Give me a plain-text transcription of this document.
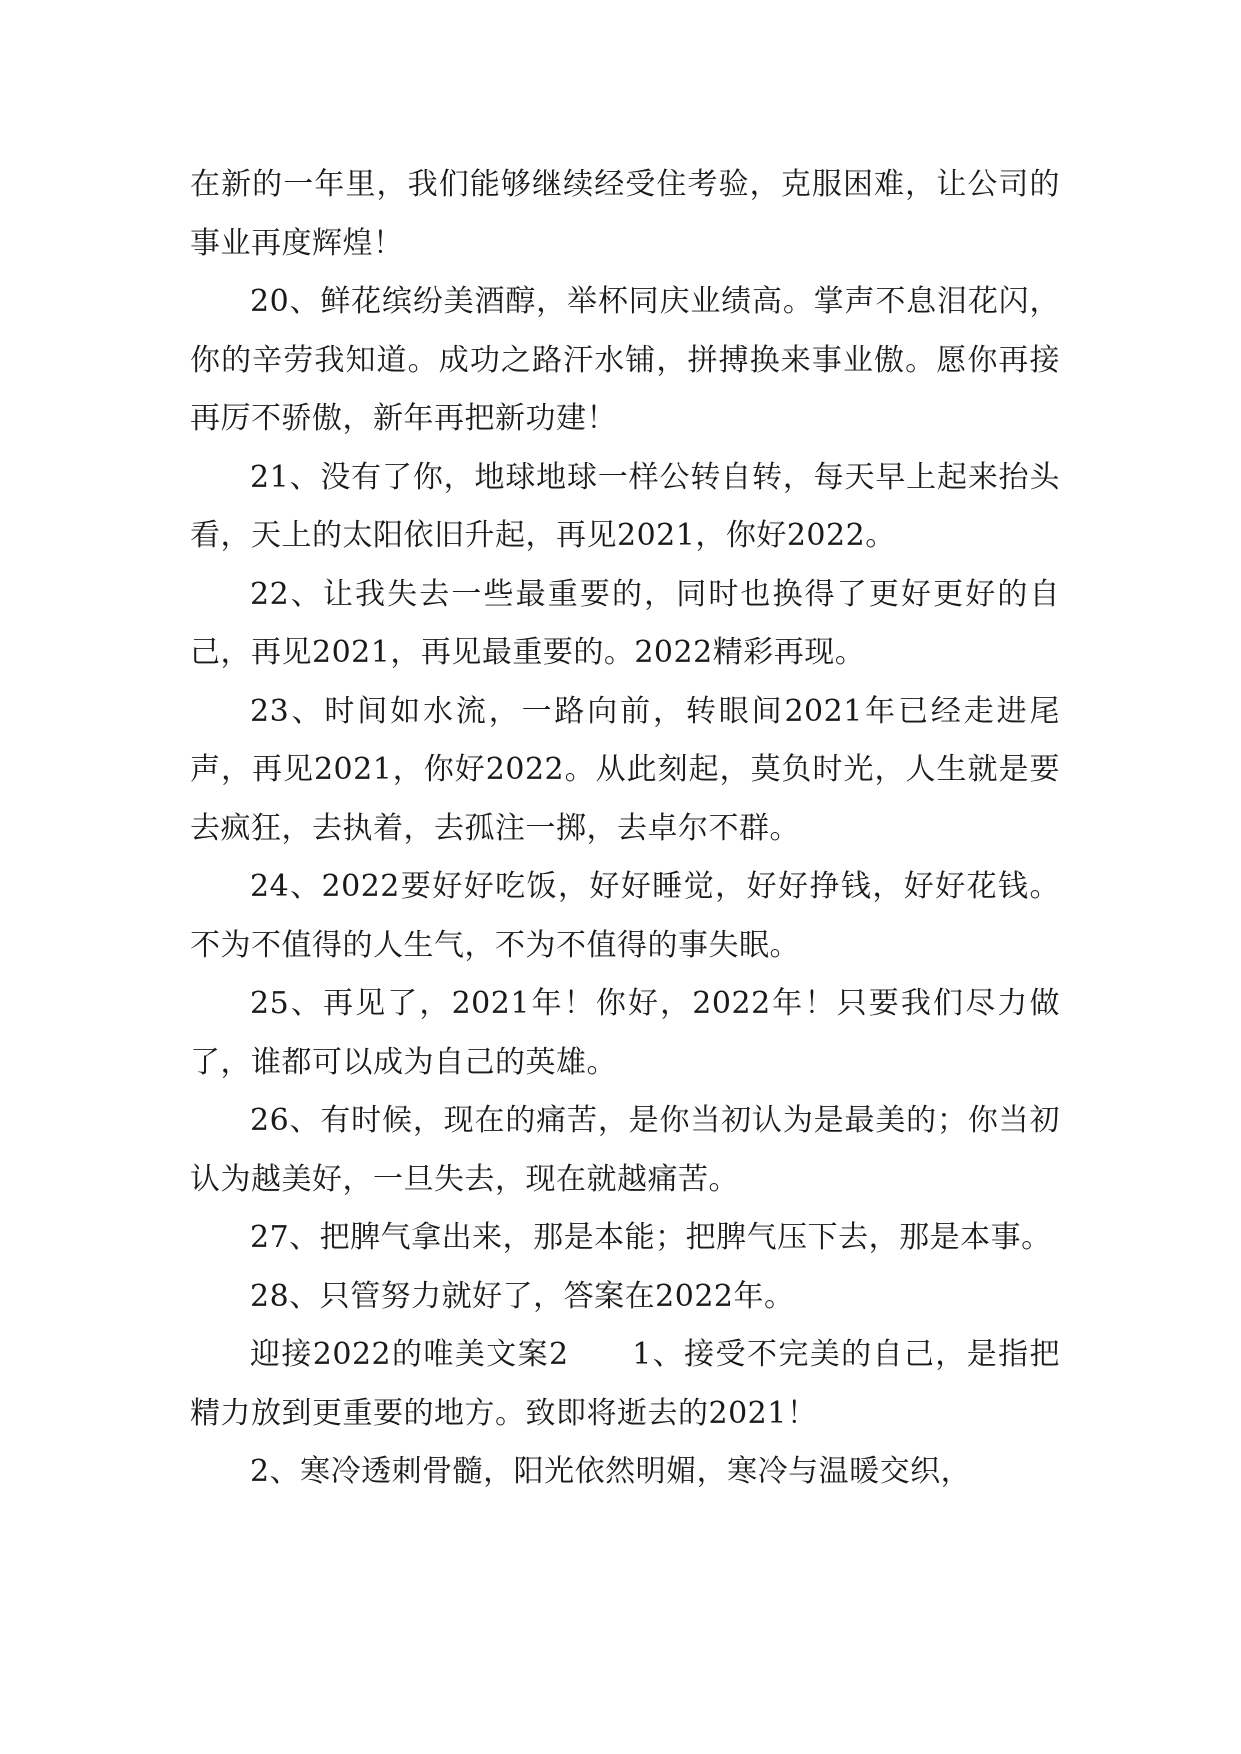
在新的一年里，我们能够继续经受住考验，克服困难，让公司的事业再度辉煌！

20、鲜花缤纷美酒醇，举杯同庆业绩高。掌声不息泪花闪，你的辛劳我知道。成功之路汗水铺，拼搏换来事业傲。愿你再接再厉不骄傲，新年再把新功建！

21、没有了你，地球地球一样公转自转，每天早上起来抬头看，天上的太阳依旧升起，再见2021，你好2022。

22、让我失去一些最重要的，同时也换得了更好更好的自己，再见2021，再见最重要的。2022精彩再现。

23、时间如水流，一路向前，转眼间2021年已经走进尾声，再见2021，你好2022。从此刻起，莫负时光，人生就是要去疯狂，去执着，去孤注一掷，去卓尔不群。

24、2022要好好吃饭，好好睡觉，好好挣钱，好好花钱。不为不值得的人生气，不为不值得的事失眠。

25、再见了，2021年！你好，2022年！只要我们尽力做了，谁都可以成为自己的英雄。

26、有时候，现在的痛苦，是你当初认为是最美的；你当初认为越美好，一旦失去，现在就越痛苦。

27、把脾气拿出来，那是本能；把脾气压下去，那是本事。

28、只管努力就好了，答案在2022年。

迎接2022的唯美文案2　　1、接受不完美的自己，是指把精力放到更重要的地方。致即将逝去的2021！

2、寒冷透刺骨髓，阳光依然明媚，寒冷与温暖交织，
